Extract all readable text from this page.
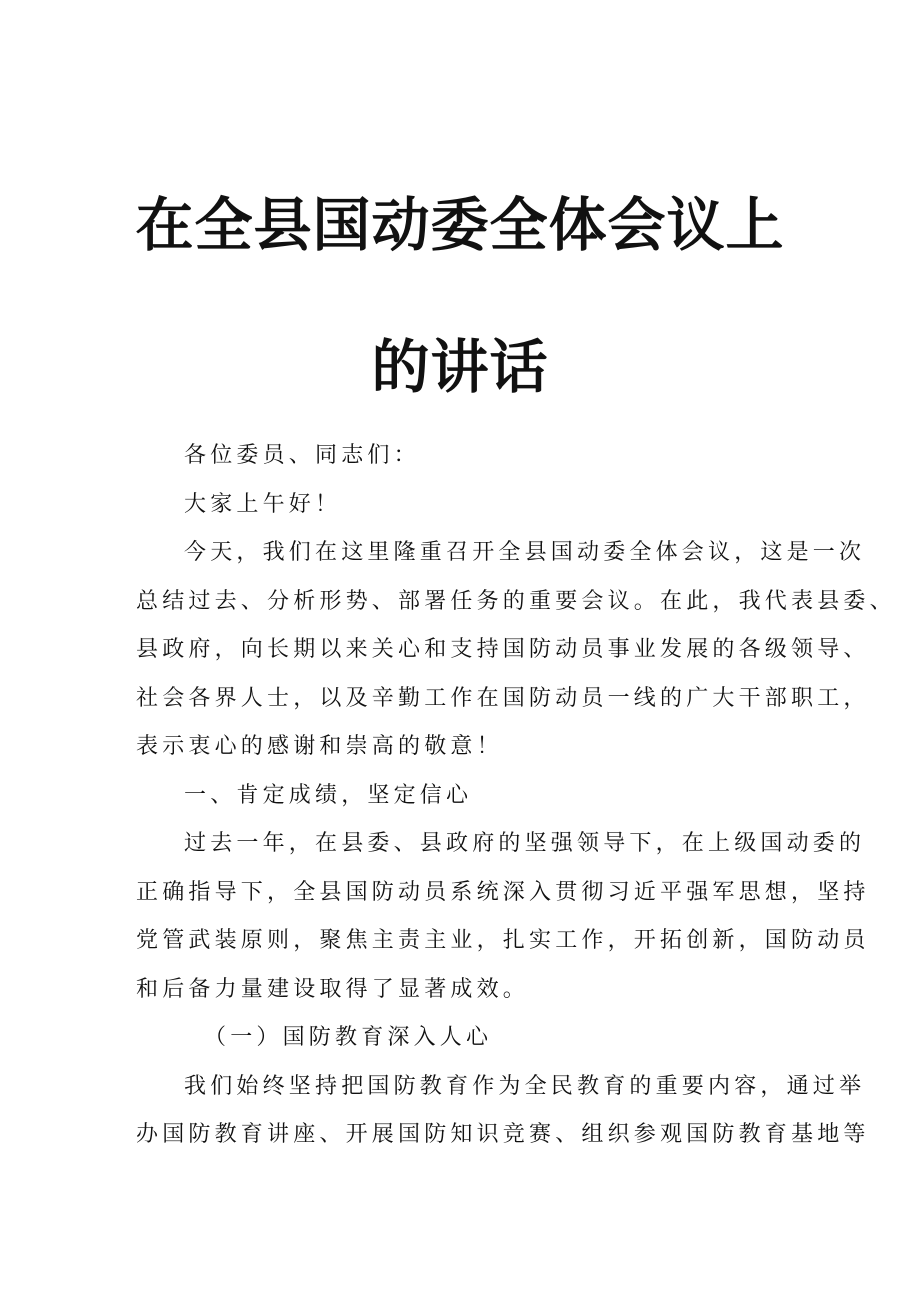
在全县国动委全体会议上
的讲话

各位委员、同志们：

大家上午好！

今天，我们在这里隆重召开全县国动委全体会议，这是一次
总结过去、分析形势、部署任务的重要会议。在此，我代表县委、
县政府，向长期以来关心和支持国防动员事业发展的各级领导、
社会各界人士，以及辛勤工作在国防动员一线的广大干部职工，
表示衷心的感谢和崇高的敬意！

一、肯定成绩，坚定信心

过去一年，在县委、县政府的坚强领导下，在上级国动委的
正确指导下，全县国防动员系统深入贯彻习近平强军思想，坚持
党管武装原则，聚焦主责主业，扎实工作，开拓创新，国防动员
和后备力量建设取得了显著成效。

（一）国防教育深入人心

我们始终坚持把国防教育作为全民教育的重要内容，通过举
办国防教育讲座、开展国防知识竞赛、组织参观国防教育基地等
